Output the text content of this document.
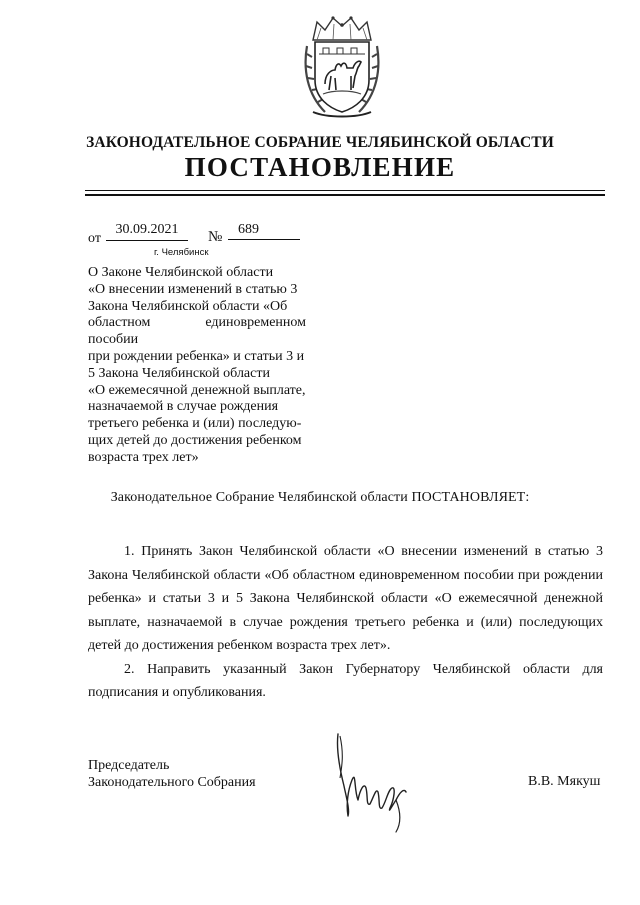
ЗАКОНОДАТЕЛЬНОЕ СОБРАНИЕ ЧЕЛЯБИНСКОЙ ОБЛАСТИ
ПОСТАНОВЛЕНИЕ
от
30.09.2021	№	689
г. Челябинск
О Законе Челябинской области
«О внесении изменений в статью 3
Закона Челябинской области «Об
областном единовременном пособии
при рождении ребенка» и статьи 3 и
5 Закона Челябинской области
«О ежемесячной денежной выплате,
назначаемой в случае рождения
третьего ребенка и (или) последую-
щих детей до достижения ребенком
возраста трех лет»
Законодательное Собрание Челябинской области ПОСТАНОВЛЯЕТ:

1. Принять Закон Челябинской области «О внесении изменений в статью 3 Закона Челябинской области «Об областном единовременном пособии при рождении ребенка» и статьи 3 и 5 Закона Челябинской области «О ежемесячной денежной выплате, назначаемой в случае рождения третьего ребенка и (или) последующих детей до достижения ребенком возраста трех лет».

2. Направить указанный Закон Губернатору Челябинской области для подписания и опубликования.

Председатель
Законодательного Собрания	В.В. Мякуш
